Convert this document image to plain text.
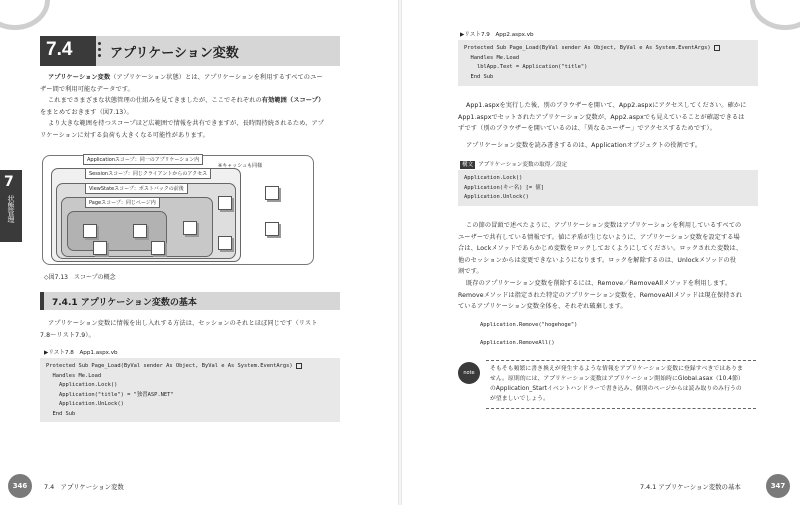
7
状態管理
7.4	アプリケーション変数
アプリケーション変数（アプリケーション状態）とは、アプリケーションを利用するすべてのユー
ザー間で利用可能なデータです。
これまでさまざまな状態管理の仕組みを見てきましたが、ここでそれぞれの有効範囲（スコープ）
をまとめておきます（図7.13）。
より大きな範囲を持つスコープほど広範囲で情報を共有できますが、長時間持続されるため、アプ
リケーションに対する負荷も大きくなる可能性があります。
Applicationスコープ：同一のアプリケーション内
Sessionスコープ：同じクライアントからのアクセス
ViewStateスコープ：ポストバックの前後
Pageスコープ：同じページ内
※キャッシュも同様
◇図7.13　スコープの概念
7.4.1 アプリケーション変数の基本
アプリケーション変数に情報を出し入れする方法は、セッションのそれとほぼ同じです（リスト
7.8～リスト7.9）。
▶リスト7.8　App1.aspx.vb
Protected Sub Page_Load(ByVal sender As Object, ByVal e As System.EventArgs)
Handles Me.Load
Application.Lock()
Application("title") = "独習ASP.NET"
Application.UnLock()
End Sub
346	7.4　アプリケーション変数
▶リスト7.9　App2.aspx.vb
Protected Sub Page_Load(ByVal sender As Object, ByVal e As System.EventArgs)
Handles Me.Load
lblApp.Text = Application("title")
End Sub
App1.aspxを実行した後、別のブラウザーを開いて、App2.aspxにアクセスしてください。確かに
App1.aspxでセットされたアプリケーション変数が、App2.aspxでも見えていることが確認できるは
ずです（別のブラウザーを開いているのは、「異なるユーザー」でアクセスするためです）。
アプリケーション変数を読み書きするのは、Applicationオブジェクトの役割です。
構文 アプリケーション変数の取得／設定
Application.Lock()
Application(キー名) [= 値]
Application.Unlock()
この節の冒頭で述べたように、アプリケーション変数はアプリケーションを利用しているすべての
ユーザーで共有している情報です。値に矛盾が生じないように、アプリケーション変数を設定する場
合は、Lockメソッドであらかじめ変数をロックしておくようにしてください。ロックされた変数は、
他のセッションからは変更できないようになります。ロックを解除するのは、Unlockメソッドの役
割です。
既存のアプリケーション変数を削除するには、Remove／RemoveAllメソッドを利用します。
Removeメソッドは指定された特定のアプリケーション変数を、RemoveAllメソッドは現在保持され
ているアプリケーション変数全体を、それぞれ破棄します。
Application.Remove("hogehoge")
Application.RemoveAll()
note
そもそも頻繁に書き換えが発生するような情報をアプリケーション変数に登録すべきではありま
せん。原則的には、アプリケーション変数はアプリケーション開始時にGlobal.asax（10.4節）
のApplication_Startイベントハンドラーで書き込み、個別のページからは読み取りのみ行うの
が望ましいでしょう。
7.4.1 アプリケーション変数の基本	347
